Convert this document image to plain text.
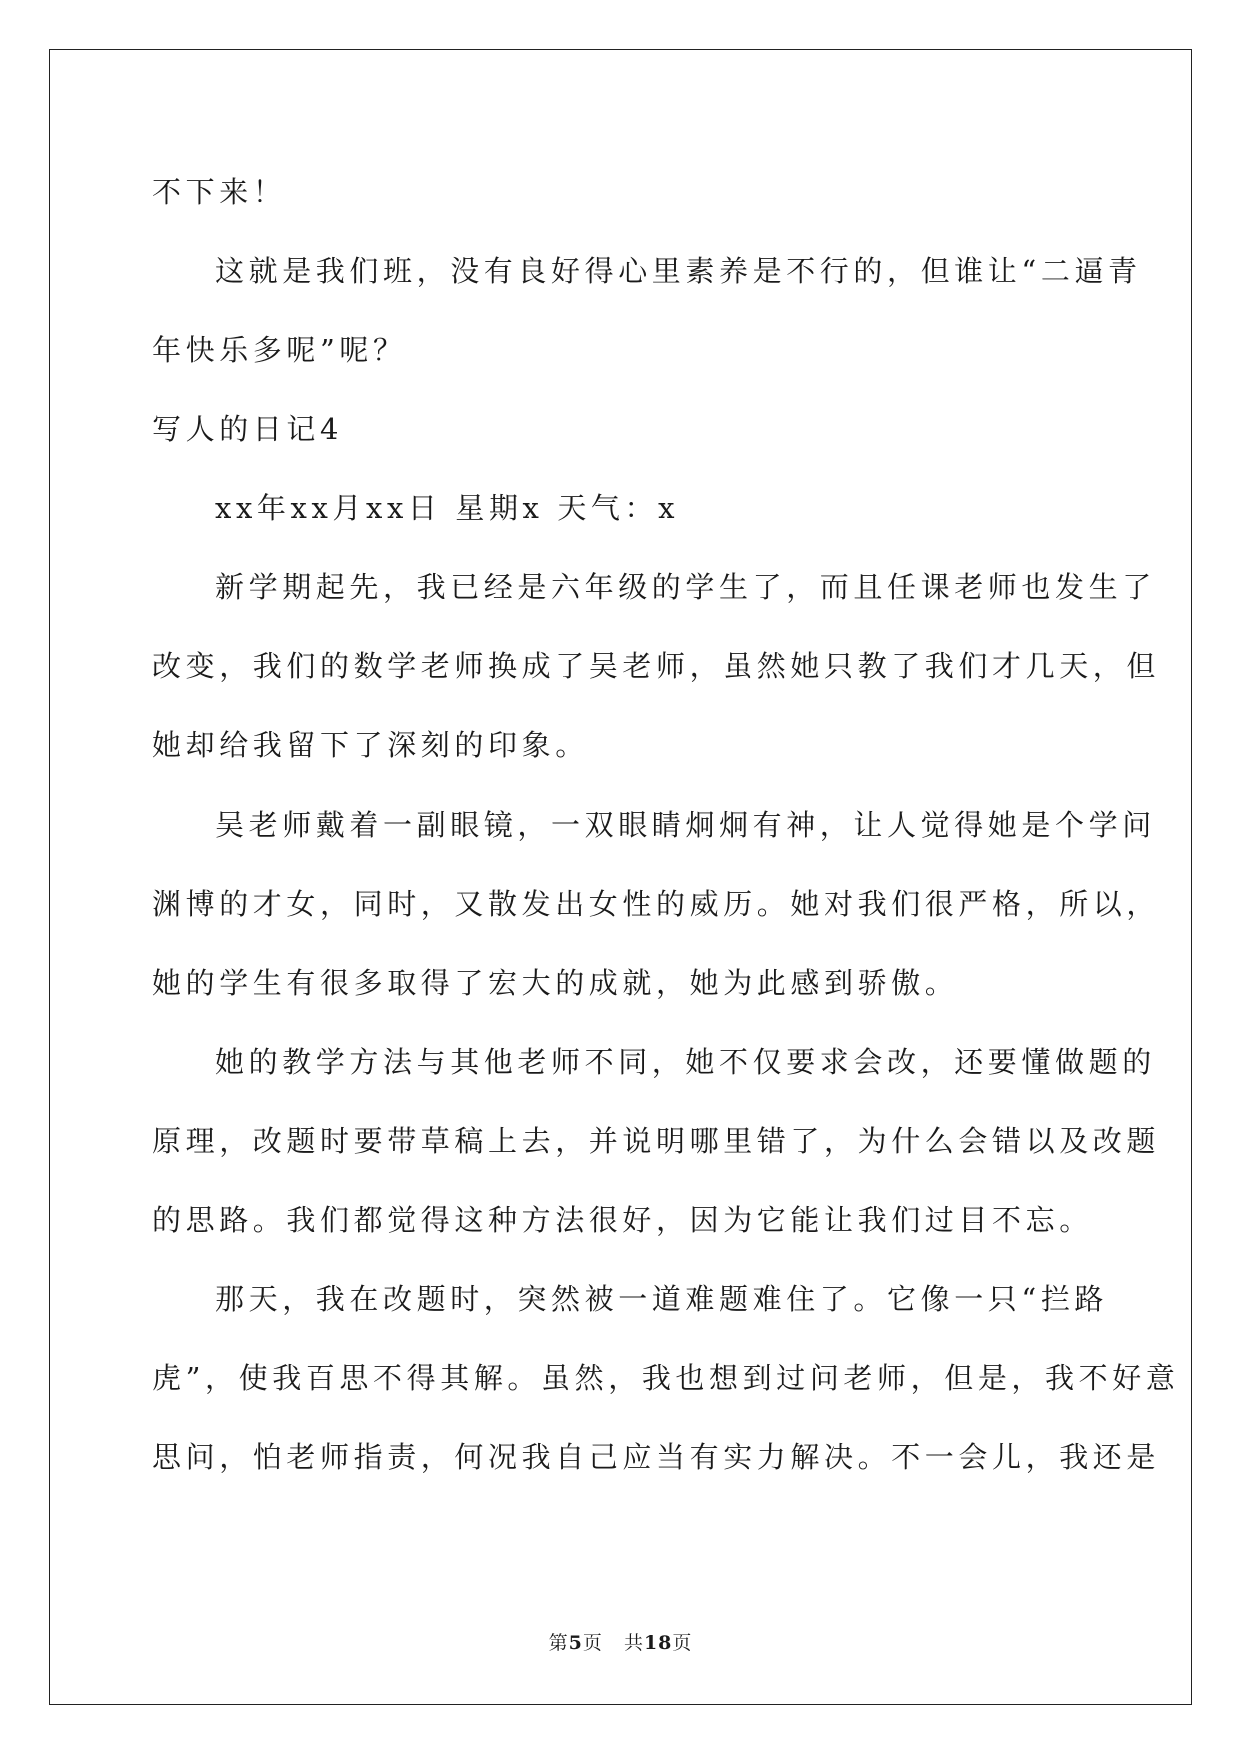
不下来！
这就是我们班，没有良好得心里素养是不行的，但谁让“二逼青
年快乐多呢”呢？
写人的日记4
xx年xx月xx日 星期x 天气：x
新学期起先，我已经是六年级的学生了，而且任课老师也发生了
改变，我们的数学老师换成了吴老师，虽然她只教了我们才几天，但
她却给我留下了深刻的印象。
吴老师戴着一副眼镜，一双眼睛炯炯有神，让人觉得她是个学问
渊博的才女，同时，又散发出女性的威历。她对我们很严格，所以，
她的学生有很多取得了宏大的成就，她为此感到骄傲。
她的教学方法与其他老师不同，她不仅要求会改，还要懂做题的
原理，改题时要带草稿上去，并说明哪里错了，为什么会错以及改题
的思路。我们都觉得这种方法很好，因为它能让我们过目不忘。
那天，我在改题时，突然被一道难题难住了。它像一只“拦路
虎”，使我百思不得其解。虽然，我也想到过问老师，但是，我不好意
思问，怕老师指责，何况我自己应当有实力解决。不一会儿，我还是
第5页   共18页
